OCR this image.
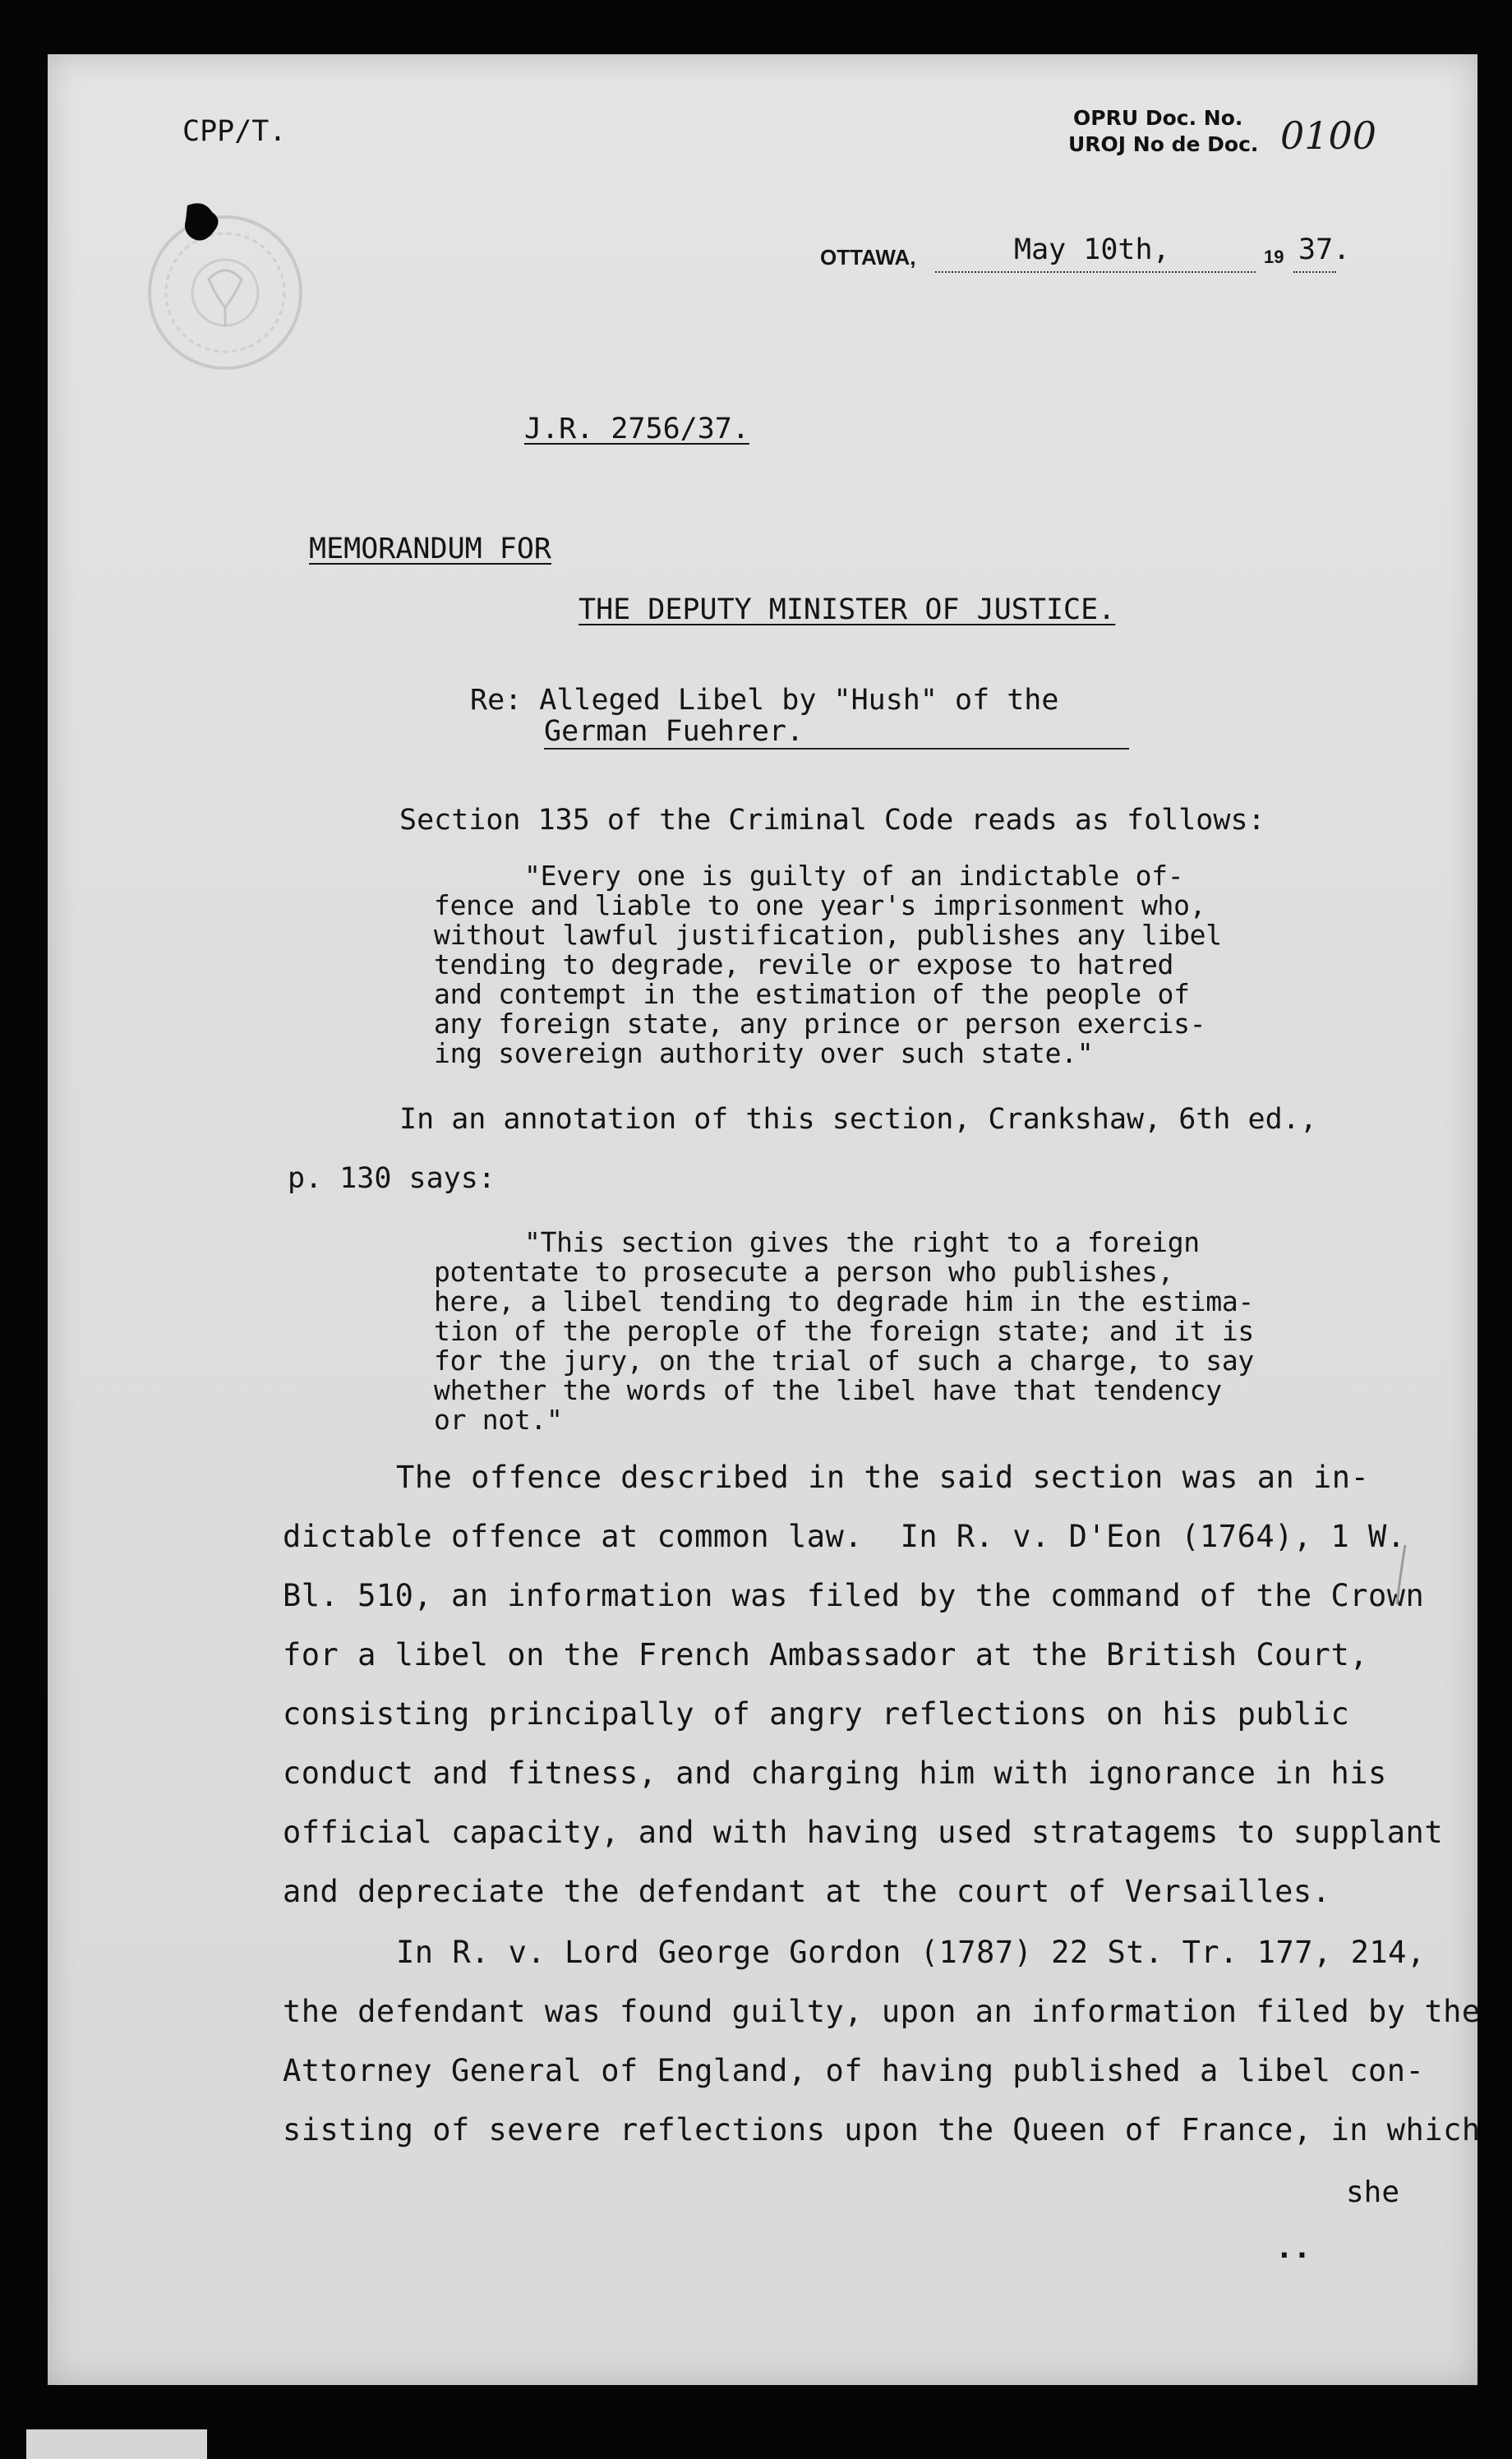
CPP/T.	OPRU Doc. No.
UROJ No de Doc. 0100
OTTAWA,	May 10th,	19 37.
J.R. 2756/37.
MEMORANDUM FOR
THE DEPUTY MINISTER OF JUSTICE.
Re: Alleged Libel by "Hush" of the
German Fuehrer.
Section 135 of the Criminal Code reads as follows:
"Every one is guilty of an indictable of-
fence and liable to one year's imprisonment who,
without lawful justification, publishes any libel
tending to degrade, revile or expose to hatred
and contempt in the estimation of the people of
any foreign state, any prince or person exercis-
ing sovereign authority over such state."
In an annotation of this section, Crankshaw, 6th ed.,
p. 130 says:
"This section gives the right to a foreign
potentate to prosecute a person who publishes,
here, a libel tending to degrade him in the estima-
tion of the perople of the foreign state; and it is
for the jury, on the trial of such a charge, to say
whether the words of the libel have that tendency
or not."
The offence described in the said section was an in-
dictable offence at common law.  In R. v. D'Eon (1764), 1 W.
Bl. 510, an information was filed by the command of the Crown
for a libel on the French Ambassador at the British Court,
consisting principally of angry reflections on his public
conduct and fitness, and charging him with ignorance in his
official capacity, and with having used stratagems to supplant
and depreciate the defendant at the court of Versailles.
In R. v. Lord George Gordon (1787) 22 St. Tr. 177, 214,
the defendant was found guilty, upon an information filed by the
Attorney General of England, of having published a libel con-
sisting of severe reflections upon the Queen of France, in which
she
..
